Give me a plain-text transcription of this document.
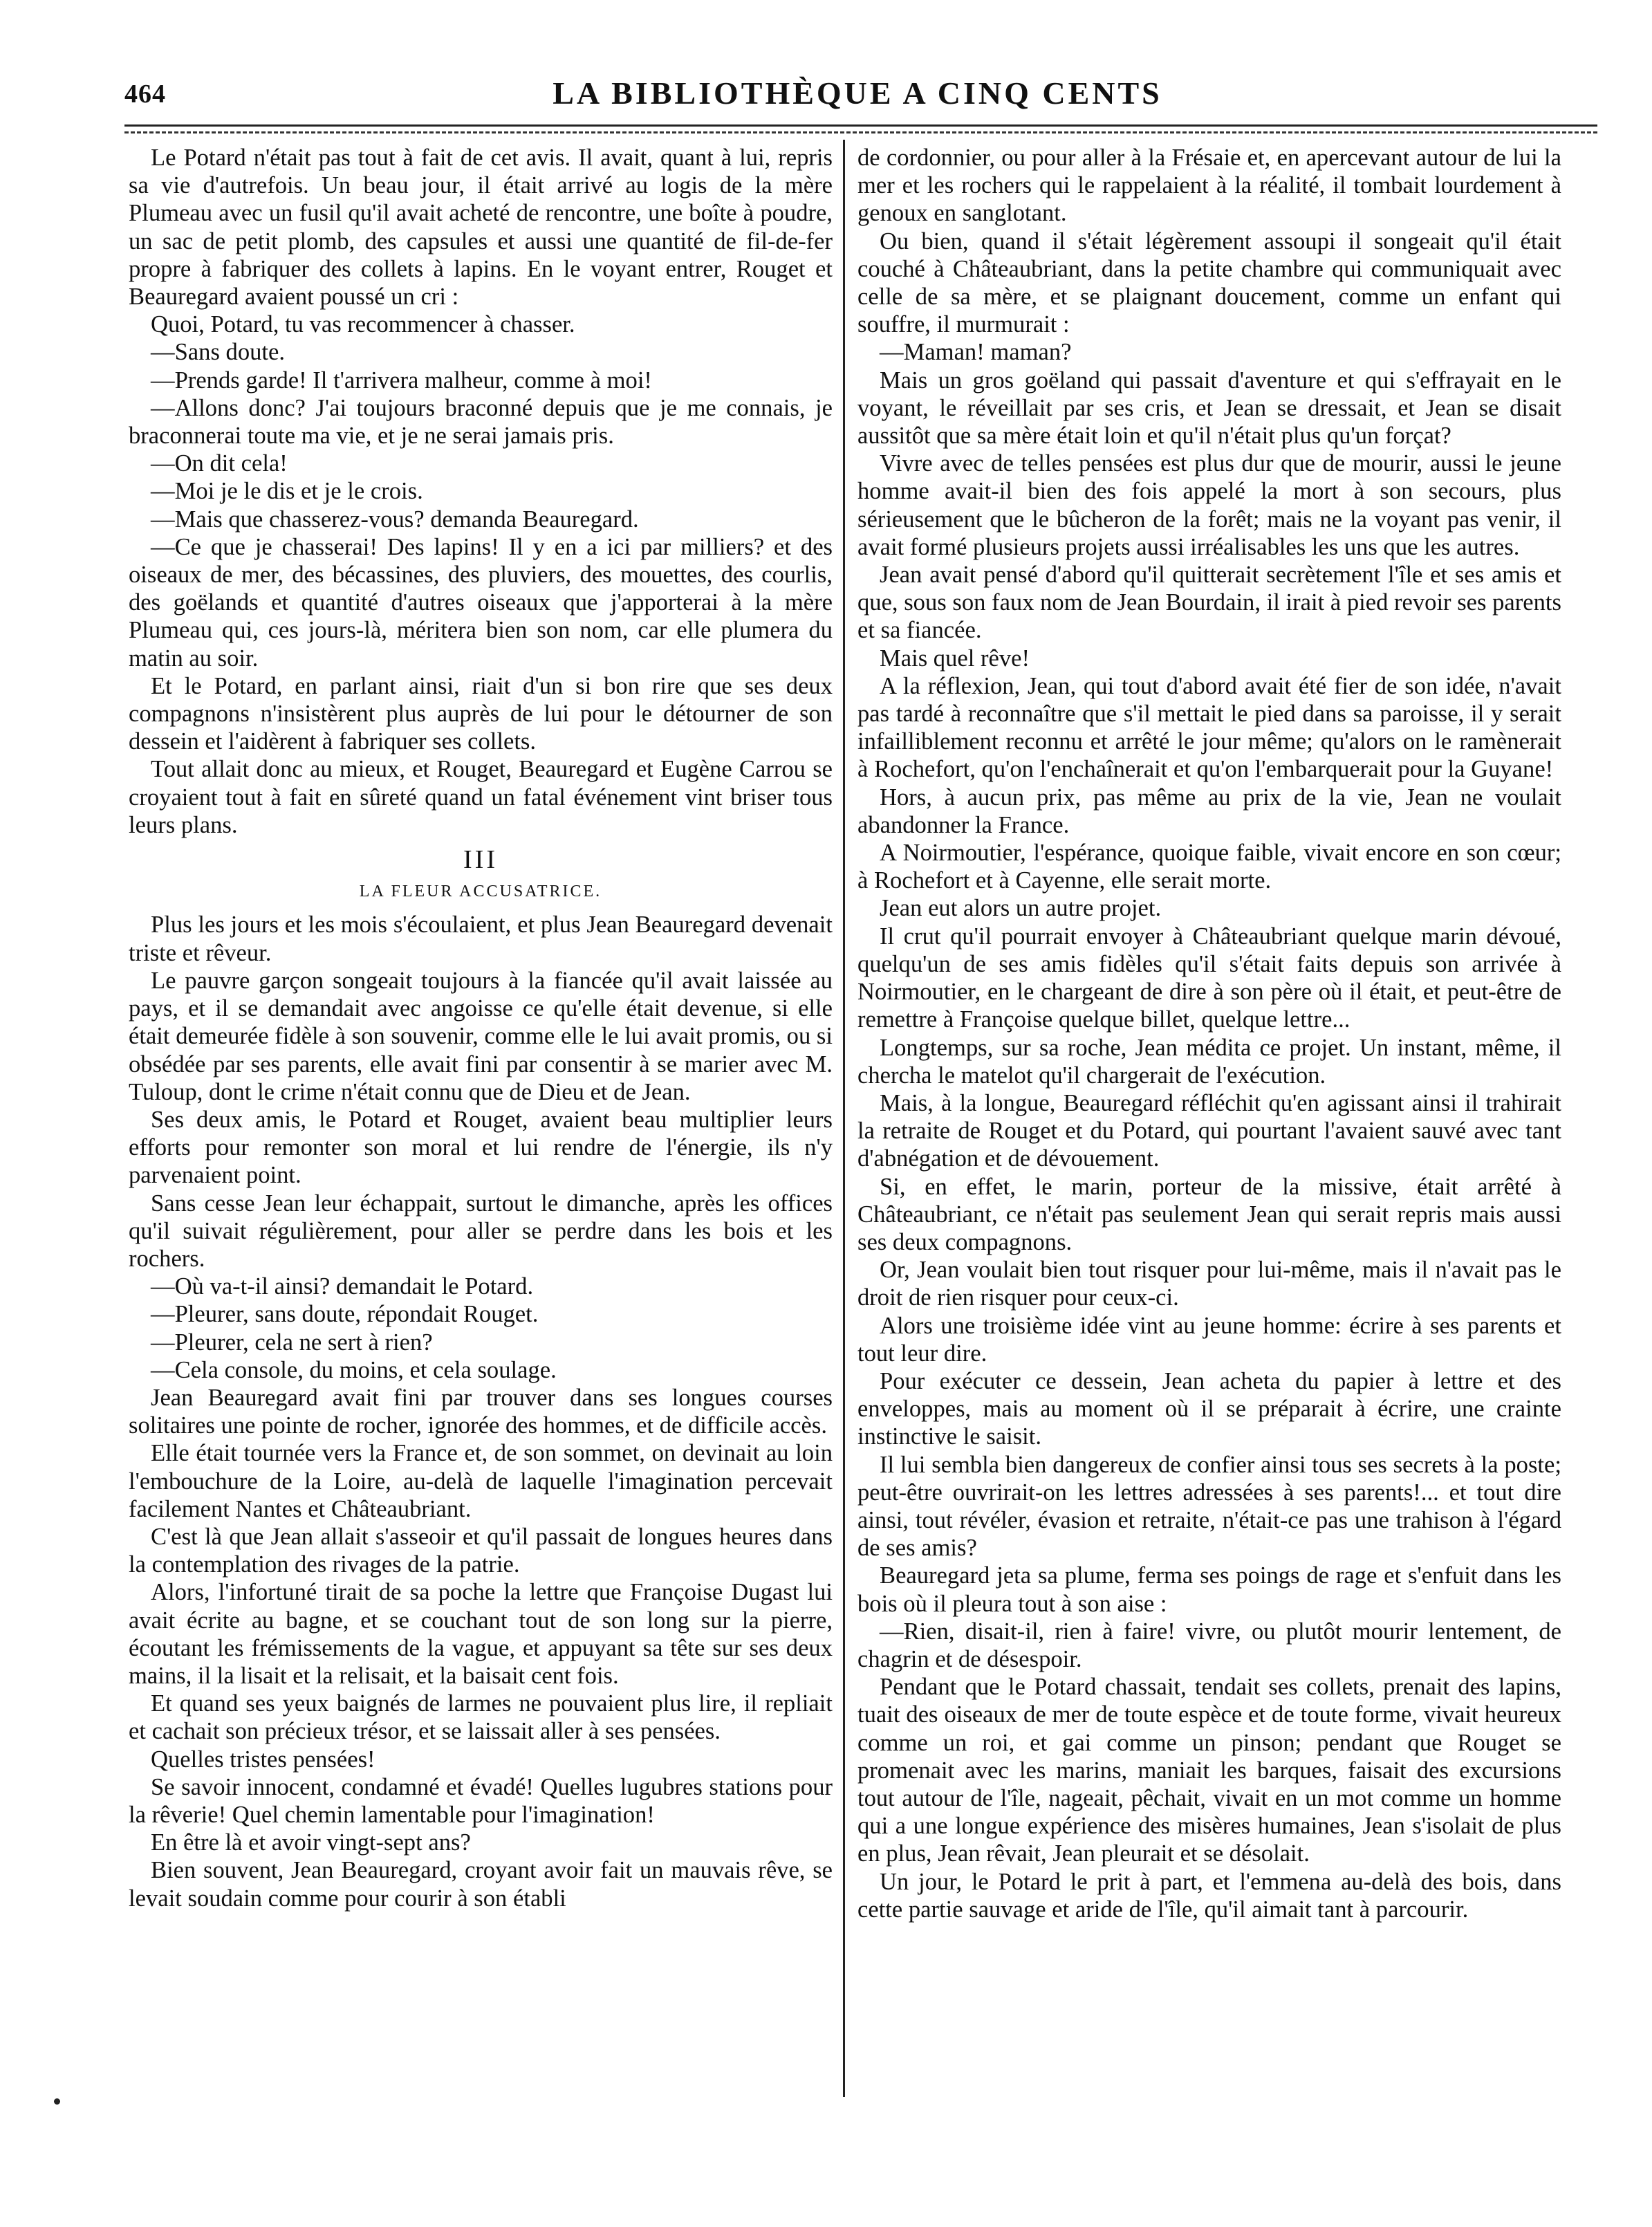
464	LA BIBLIOTHÈQUE A CINQ CENTS

Le Potard n'était pas tout à fait de cet avis. Il avait, quant à lui, repris sa vie d'autrefois. Un beau jour, il était arrivé au logis de la mère Plumeau avec un fusil qu'il avait acheté de rencontre, une boîte à poudre, un sac de petit plomb, des capsules et aussi une quantité de fil-de-fer propre à fabriquer des collets à lapins. En le voyant entrer, Rouget et Beauregard avaient poussé un cri :

Quoi, Potard, tu vas recommencer à chasser.

—Sans doute.

—Prends garde! Il t'arrivera malheur, comme à moi!

—Allons donc? J'ai toujours braconné depuis que je me connais, je braconnerai toute ma vie, et je ne serai jamais pris.

—On dit cela!

—Moi je le dis et je le crois.

—Mais que chasserez-vous? demanda Beauregard.

—Ce que je chasserai! Des lapins! Il y en a ici par milliers? et des oiseaux de mer, des bécassines, des pluviers, des mouettes, des courlis, des goëlands et quantité d'autres oiseaux que j'apporterai à la mère Plumeau qui, ces jours-là, méritera bien son nom, car elle plumera du matin au soir.

Et le Potard, en parlant ainsi, riait d'un si bon rire que ses deux compagnons n'insistèrent plus auprès de lui pour le détourner de son dessein et l'aidèrent à fabriquer ses collets.

Tout allait donc au mieux, et Rouget, Beauregard et Eugène Carrou se croyaient tout à fait en sûreté quand un fatal événement vint briser tous leurs plans.

III
LA FLEUR ACCUSATRICE.

Plus les jours et les mois s'écoulaient, et plus Jean Beauregard devenait triste et rêveur.

Le pauvre garçon songeait toujours à la fiancée qu'il avait laissée au pays, et il se demandait avec angoisse ce qu'elle était devenue, si elle était demeurée fidèle à son souvenir, comme elle le lui avait promis, ou si obsédée par ses parents, elle avait fini par consentir à se marier avec M. Tuloup, dont le crime n'était connu que de Dieu et de Jean.

Ses deux amis, le Potard et Rouget, avaient beau multiplier leurs efforts pour remonter son moral et lui rendre de l'énergie, ils n'y parvenaient point.

Sans cesse Jean leur échappait, surtout le dimanche, après les offices qu'il suivait régulièrement, pour aller se perdre dans les bois et les rochers.

—Où va-t-il ainsi? demandait le Potard.

—Pleurer, sans doute, répondait Rouget.

—Pleurer, cela ne sert à rien?

—Cela console, du moins, et cela soulage.

Jean Beauregard avait fini par trouver dans ses longues courses solitaires une pointe de rocher, ignorée des hommes, et de difficile accès.

Elle était tournée vers la France et, de son sommet, on devinait au loin l'embouchure de la Loire, au-delà de laquelle l'imagination percevait facilement Nantes et Châteaubriant.

C'est là que Jean allait s'asseoir et qu'il passait de longues heures dans la contemplation des rivages de la patrie.

Alors, l'infortuné tirait de sa poche la lettre que Françoise Dugast lui avait écrite au bagne, et se couchant tout de son long sur la pierre, écoutant les frémissements de la vague, et appuyant sa tête sur ses deux mains, il la lisait et la relisait, et la baisait cent fois.

Et quand ses yeux baignés de larmes ne pouvaient plus lire, il repliait et cachait son précieux trésor, et se laissait aller à ses pensées.

Quelles tristes pensées!

Se savoir innocent, condamné et évadé! Quelles lugubres stations pour la rêverie! Quel chemin lamentable pour l'imagination!

En être là et avoir vingt-sept ans?

Bien souvent, Jean Beauregard, croyant avoir fait un mauvais rêve, se levait soudain comme pour courir à son établi

de cordonnier, ou pour aller à la Frésaie et, en apercevant autour de lui la mer et les rochers qui le rappelaient à la réalité, il tombait lourdement à genoux en sanglotant.

Ou bien, quand il s'était légèrement assoupi il songeait qu'il était couché à Châteaubriant, dans la petite chambre qui communiquait avec celle de sa mère, et se plaignant doucement, comme un enfant qui souffre, il murmurait :

—Maman! maman?

Mais un gros goëland qui passait d'aventure et qui s'effrayait en le voyant, le réveillait par ses cris, et Jean se dressait, et Jean se disait aussitôt que sa mère était loin et qu'il n'était plus qu'un forçat?

Vivre avec de telles pensées est plus dur que de mourir, aussi le jeune homme avait-il bien des fois appelé la mort à son secours, plus sérieusement que le bûcheron de la forêt; mais ne la voyant pas venir, il avait formé plusieurs projets aussi irréalisables les uns que les autres.

Jean avait pensé d'abord qu'il quitterait secrètement l'île et ses amis et que, sous son faux nom de Jean Bourdain, il irait à pied revoir ses parents et sa fiancée.

Mais quel rêve!

A la réflexion, Jean, qui tout d'abord avait été fier de son idée, n'avait pas tardé à reconnaître que s'il mettait le pied dans sa paroisse, il y serait infailliblement reconnu et arrêté le jour même; qu'alors on le ramènerait à Rochefort, qu'on l'enchaînerait et qu'on l'embarquerait pour la Guyane!

Hors, à aucun prix, pas même au prix de la vie, Jean ne voulait abandonner la France.

A Noirmoutier, l'espérance, quoique faible, vivait encore en son cœur; à Rochefort et à Cayenne, elle serait morte.

Jean eut alors un autre projet.

Il crut qu'il pourrait envoyer à Châteaubriant quelque marin dévoué, quelqu'un de ses amis fidèles qu'il s'était faits depuis son arrivée à Noirmoutier, en le chargeant de dire à son père où il était, et peut-être de remettre à Françoise quelque billet, quelque lettre...

Longtemps, sur sa roche, Jean médita ce projet. Un instant, même, il chercha le matelot qu'il chargerait de l'exécution.

Mais, à la longue, Beauregard réfléchit qu'en agissant ainsi il trahirait la retraite de Rouget et du Potard, qui pourtant l'avaient sauvé avec tant d'abnégation et de dévouement.

Si, en effet, le marin, porteur de la missive, était arrêté à Châteaubriant, ce n'était pas seulement Jean qui serait repris mais aussi ses deux compagnons.

Or, Jean voulait bien tout risquer pour lui-même, mais il n'avait pas le droit de rien risquer pour ceux-ci.

Alors une troisième idée vint au jeune homme: écrire à ses parents et tout leur dire.

Pour exécuter ce dessein, Jean acheta du papier à lettre et des enveloppes, mais au moment où il se préparait à écrire, une crainte instinctive le saisit.

Il lui sembla bien dangereux de confier ainsi tous ses secrets à la poste; peut-être ouvrirait-on les lettres adressées à ses parents!... et tout dire ainsi, tout révéler, évasion et retraite, n'était-ce pas une trahison à l'égard de ses amis?

Beauregard jeta sa plume, ferma ses poings de rage et s'enfuit dans les bois où il pleura tout à son aise :

—Rien, disait-il, rien à faire! vivre, ou plutôt mourir lentement, de chagrin et de désespoir.

Pendant que le Potard chassait, tendait ses collets, prenait des lapins, tuait des oiseaux de mer de toute espèce et de toute forme, vivait heureux comme un roi, et gai comme un pinson; pendant que Rouget se promenait avec les marins, maniait les barques, faisait des excursions tout autour de l'île, nageait, pêchait, vivait en un mot comme un homme qui a une longue expérience des misères humaines, Jean s'isolait de plus en plus, Jean rêvait, Jean pleurait et se désolait.

Un jour, le Potard le prit à part, et l'emmena au-delà des bois, dans cette partie sauvage et aride de l'île, qu'il aimait tant à parcourir.
